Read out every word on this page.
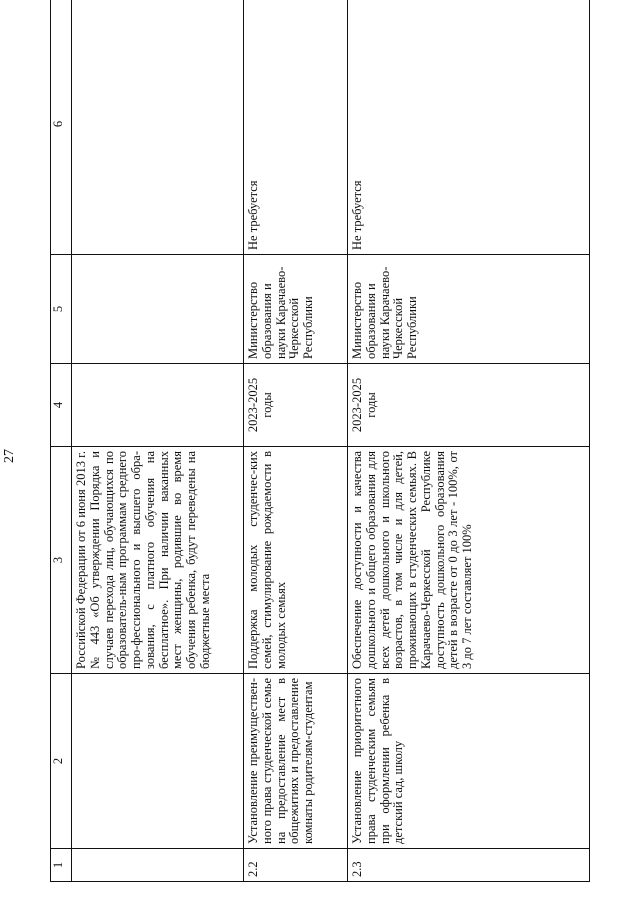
27
1	2	3	4	5	6
		Российской Федерации от 6 июня 2013 г. № 443 «Об утверждении Порядка и случаев перехода лиц, обучающихся по образователь-ным программам среднего про-фессионального и высшего обра-зования, с платного обучения на бесплатное». При наличии ваканных мест женщины, родившие во время обучения ребенка, будут переведены на бюджетные места			
2.2	Установление преимуществен-ного права студенческой семье на предоставление мест в общежитиях и предоставление комнаты родителям-студентам	Поддержка молодых студенчес-ких семей, стимулирование рождаемости в молодых семьях	2023-2025 годы	Министерство образования и науки Карачаево-Черкесской Республики	Не требуется
2.3	Установление приоритетного права студенческим семьям при оформлении ребенка в детский сад, школу	Обеспечение доступности и качества дошкольного и общего образования для всех детей дошкольного и школьного возрастов, в том числе и для детей, проживающих в студенческих семьях. В Карачаево-Черкесской Республике доступность дошкольного образования детей в возрасте от 0 до 3 лет - 100%, от 3 до 7 лет составляет 100%	2023-2025 годы	Министерство образования и науки Карачаево-Черкесской Республики	Не требуется
